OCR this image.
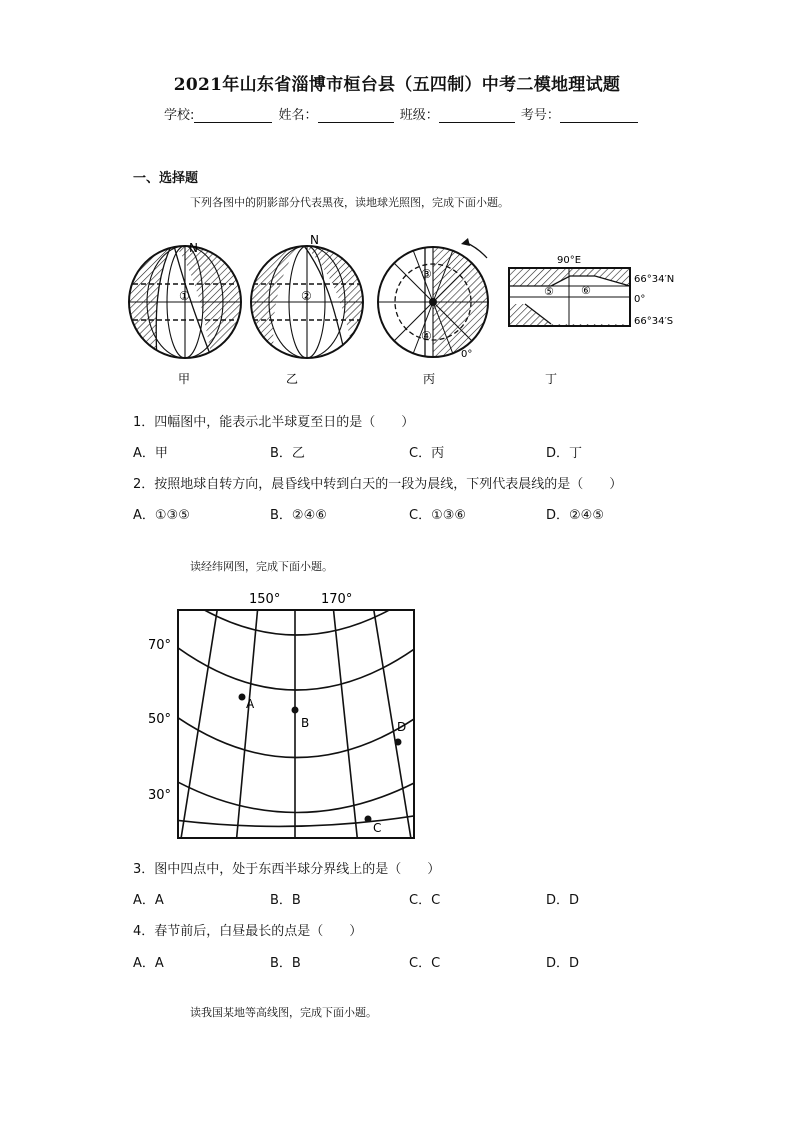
2021年山东省淄博市桓台县（五四制）中考二模地理试题
学校:	姓名：	班级：	考号：
一、选择题
下列各图中的阴影部分代表黑夜，读地球光照图，完成下面小题。
N
①
甲
N
②
乙
③
④
0°
丙
90°E
⑤ ⑥
66°34′N
0°
66°34′S
丁
1．四幅图中，能表示北半球夏至日的是（　　）
A．甲	B．乙	C．丙	D．丁
2．按照地球自转方向，晨昏线中转到白天的一段为晨线，下列代表晨线的是（　　）
A．①③⑤	B．②④⑥	C．①③⑥	D．②④⑤
读经纬网图，完成下面小题。
150°	170°
70°
50°
30°
A
B	D
C
3．图中四点中，处于东西半球分界线上的是（　　）
A．A	B．B	C．C	D．D
4．春节前后，白昼最长的点是（　　）
A．A	B．B	C．C	D．D
读我国某地等高线图，完成下面小题。
